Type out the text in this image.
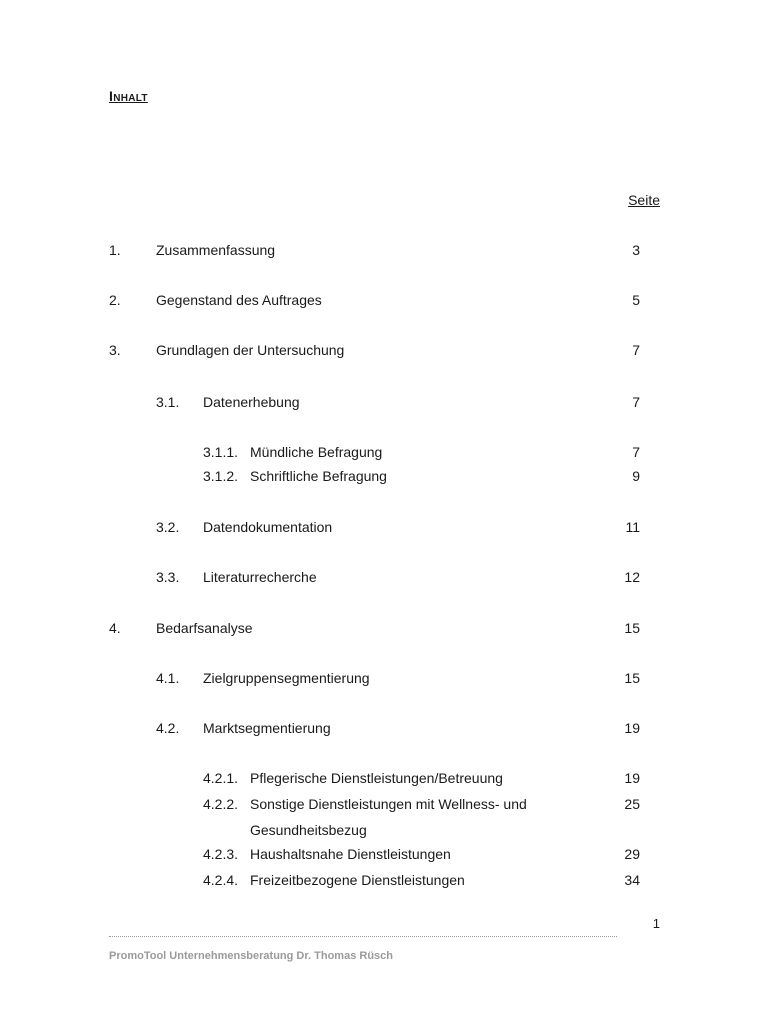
Inhalt
Seite
1.	Zusammenfassung	3
2.	Gegenstand des Auftrages	5
3.	Grundlagen der Untersuchung	7
3.1. Datenerhebung	7
3.1.1. Mündliche Befragung	7
3.1.2. Schriftliche Befragung	9
3.2. Datendokumentation	11
3.3. Literaturrecherche	12
4.	Bedarfsanalyse	15
4.1. Zielgruppensegmentierung	15
4.2. Marktsegmentierung	19
4.2.1. Pflegerische Dienstleistungen/Betreuung	19
4.2.2. Sonstige Dienstleistungen mit Wellness- und	25
Gesundheitsbezug
4.2.3. Haushaltsnahe Dienstleistungen	29
4.2.4. Freizeitbezogene Dienstleistungen	34
1
PromoTool Unternehmensberatung Dr. Thomas Rüsch
